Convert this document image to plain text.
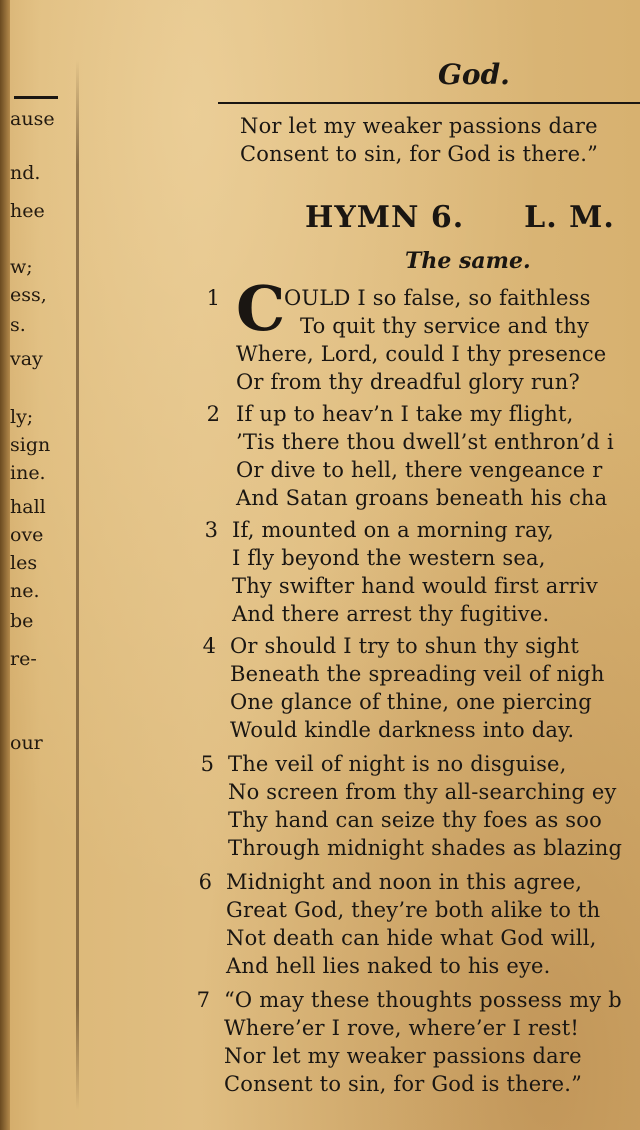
ause
nd.
hee
w;
ess,
s.
vay
ly;
sign
ine.
hall
ove
les
ne.
be
re-
our
God.
Nor let my weaker passions dare
Consent to sin, for God is there.”
HYMN 6. L. M.
The same.
1 C
OULD I so false, so faithless
To quit thy service and thy
Where, Lord, could I thy presence
Or from thy dreadful glory run?
2 If up to heav’n I take my flight,
’Tis there thou dwell’st enthron’d i
Or dive to hell, there vengeance r
And Satan groans beneath his cha
3 If, mounted on a morning ray,
I fly beyond the western sea,
Thy swifter hand would first arriv
And there arrest thy fugitive.
4 Or should I try to shun thy sight
Beneath the spreading veil of nigh
One glance of thine, one piercing
Would kindle darkness into day.
5 The veil of night is no disguise,
No screen from thy all-searching ey
Thy hand can seize thy foes as soo
Through midnight shades as blazing
6 Midnight and noon in this agree,
Great God, they’re both alike to th
Not death can hide what God will,
And hell lies naked to his eye.
7 “O may these thoughts possess my b
Where’er I rove, where’er I rest!
Nor let my weaker passions dare
Consent to sin, for God is there.”
